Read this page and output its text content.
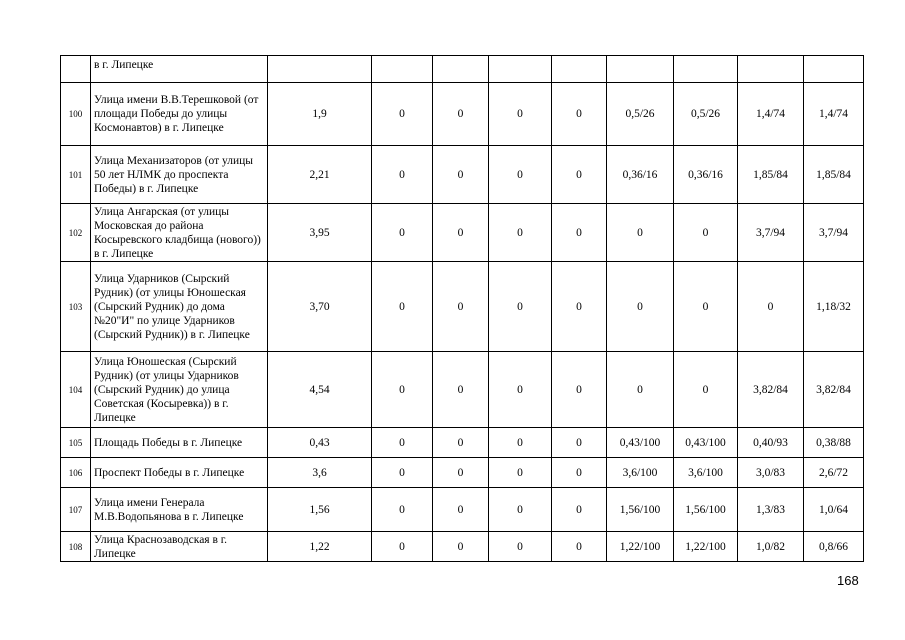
	в г. Липецке									
100	Улица имени В.В.Терешковой (от площади Победы до улицы Космонавтов) в г. Липецке	1,9	0	0	0	0	0,5/26	0,5/26	1,4/74	1,4/74
101	Улица Механизаторов (от улицы 50 лет НЛМК до проспекта Победы) в г. Липецке	2,21	0	0	0	0	0,36/16	0,36/16	1,85/84	1,85/84
102	Улица Ангарская (от улицы Московская до района Косыревского кладбища (нового)) в г. Липецке	3,95	0	0	0	0	0	0	3,7/94	3,7/94
103	Улица Ударников (Сырский Рудник) (от улицы Юношеская (Сырский Рудник) до дома №20"И" по улице Ударников (Сырский Рудник)) в г. Липецке	3,70	0	0	0	0	0	0	0	1,18/32
104	Улица Юношеская (Сырский Рудник) (от улицы Ударников (Сырский Рудник) до улица Советская (Косыревка)) в г. Липецке	4,54	0	0	0	0	0	0	3,82/84	3,82/84
105	Площадь Победы в г. Липецке	0,43	0	0	0	0	0,43/100	0,43/100	0,40/93	0,38/88
106	Проспект Победы в г. Липецке	3,6	0	0	0	0	3,6/100	3,6/100	3,0/83	2,6/72
107	Улица имени Генерала М.В.Водопьянова в г. Липецке	1,56	0	0	0	0	1,56/100	1,56/100	1,3/83	1,0/64
108	Улица Краснозаводская в г. Липецке	1,22	0	0	0	0	1,22/100	1,22/100	1,0/82	0,8/66
168
